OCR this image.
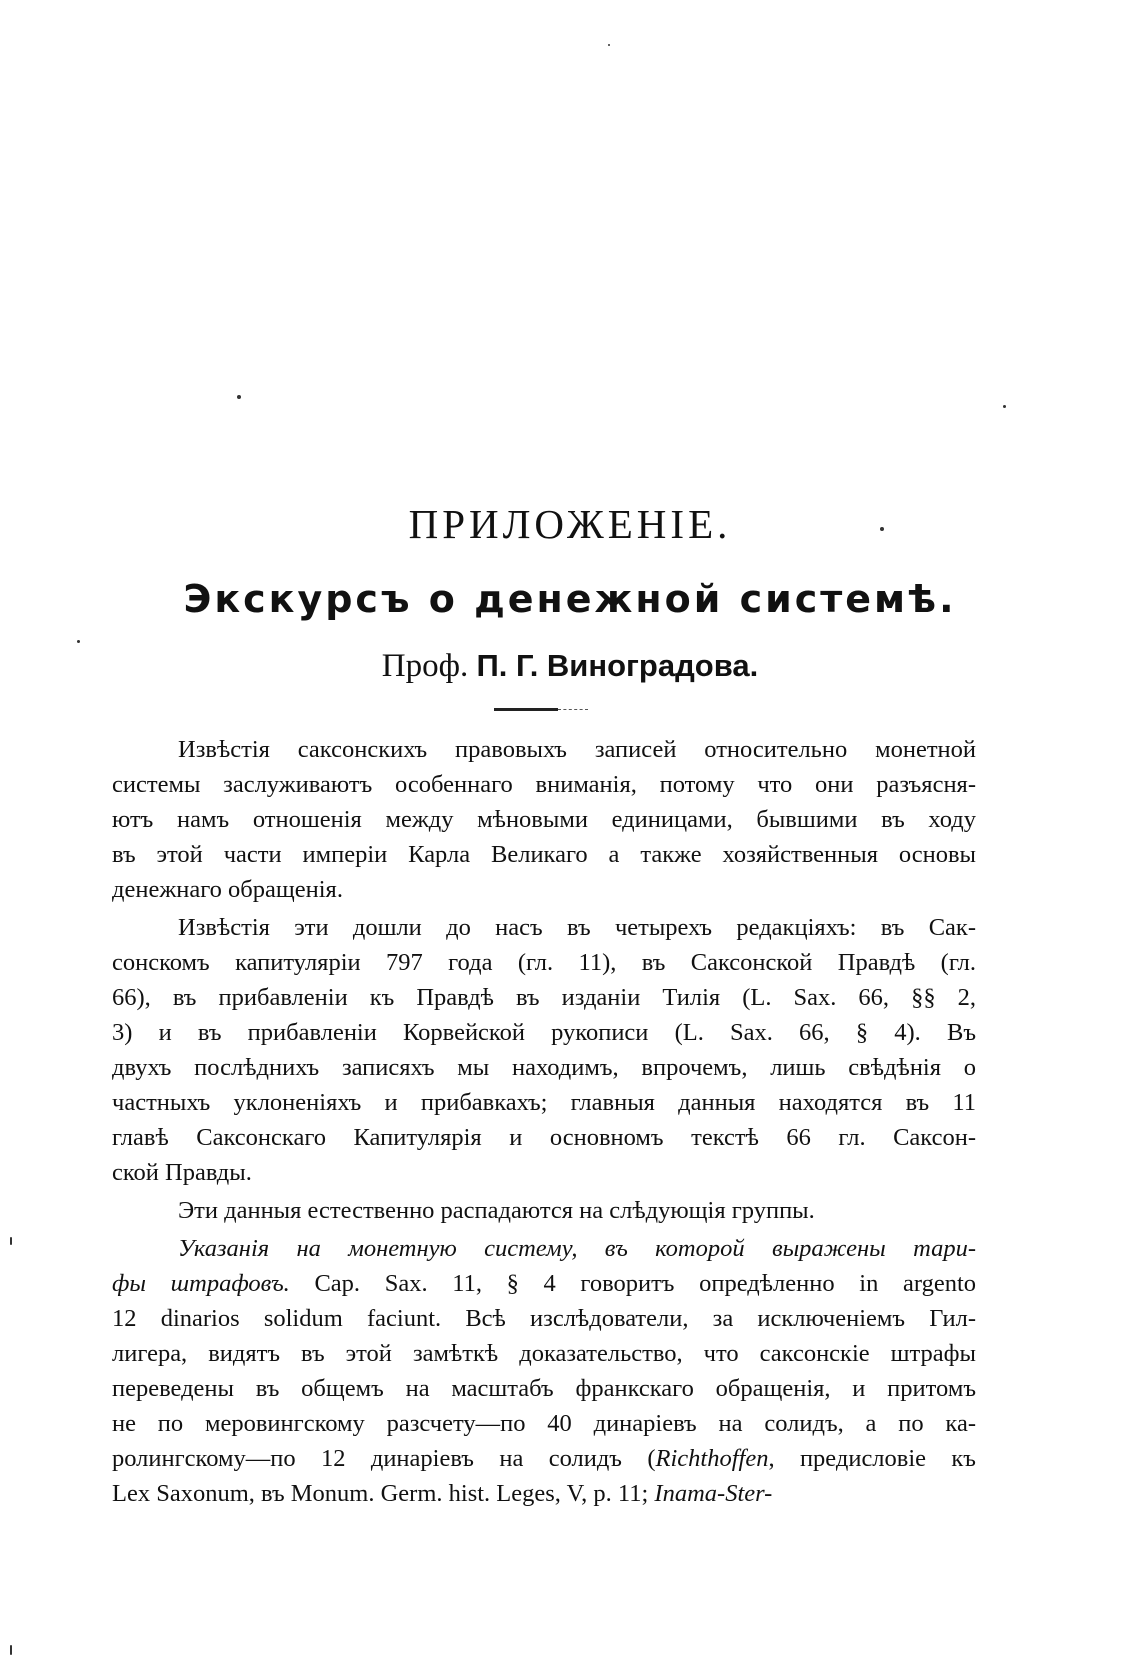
ПРИЛОЖЕНІЕ.
Экскурсъ о денежной системѣ.
Проф. П. Г. Виноградова.
Извѣстія саксонскихъ правовыхъ записей относительно монетной
системы заслуживаютъ особеннаго вниманія, потому что они разъясня-
ютъ намъ отношенія между мѣновыми единицами, бывшими въ ходу
въ этой части имперіи Карла Великаго а также хозяйственныя основы
денежнаго обращенія.
Извѣстія эти дошли до насъ въ четырехъ редакціяхъ: въ Сак-
сонскомъ капитуляріи 797 года (гл. 11), въ Саксонской Правдѣ (гл.
66), въ прибавленіи къ Правдѣ въ изданіи Тилія (L. Sax. 66, §§ 2,
3) и въ прибавленіи Корвейской рукописи (L. Sax. 66, § 4). Въ
двухъ послѣднихъ записяхъ мы находимъ, впрочемъ, лишь свѣдѣнія о
частныхъ уклоненіяхъ и прибавкахъ; главныя данныя находятся въ 11
главѣ Саксонскаго Капитулярія и основномъ текстѣ 66 гл. Саксон-
ской Правды.
Эти данныя естественно распадаются на слѣдующія группы.
Указанія на монетную систему, въ которой выражены тари-
фы штрафовъ. Cap. Sax. 11, § 4 говоритъ опредѣленно in argento
12 dinarios solidum faciunt. Всѣ изслѣдователи, за исключеніемъ Гил-
лигера, видятъ въ этой замѣткѣ доказательство, что саксонскіе штрафы
переведены въ общемъ на масштабъ франкскаго обращенія, и притомъ
не по меровингскому разсчету—по 40 динаріевъ на солидъ, а по ка-
ролингскому—по 12 динаріевъ на солидъ (Richthoffen, предисловіе къ
Lex Saxonum, въ Monum. Germ. hist. Leges, V, p. 11; Inama-Ster-
